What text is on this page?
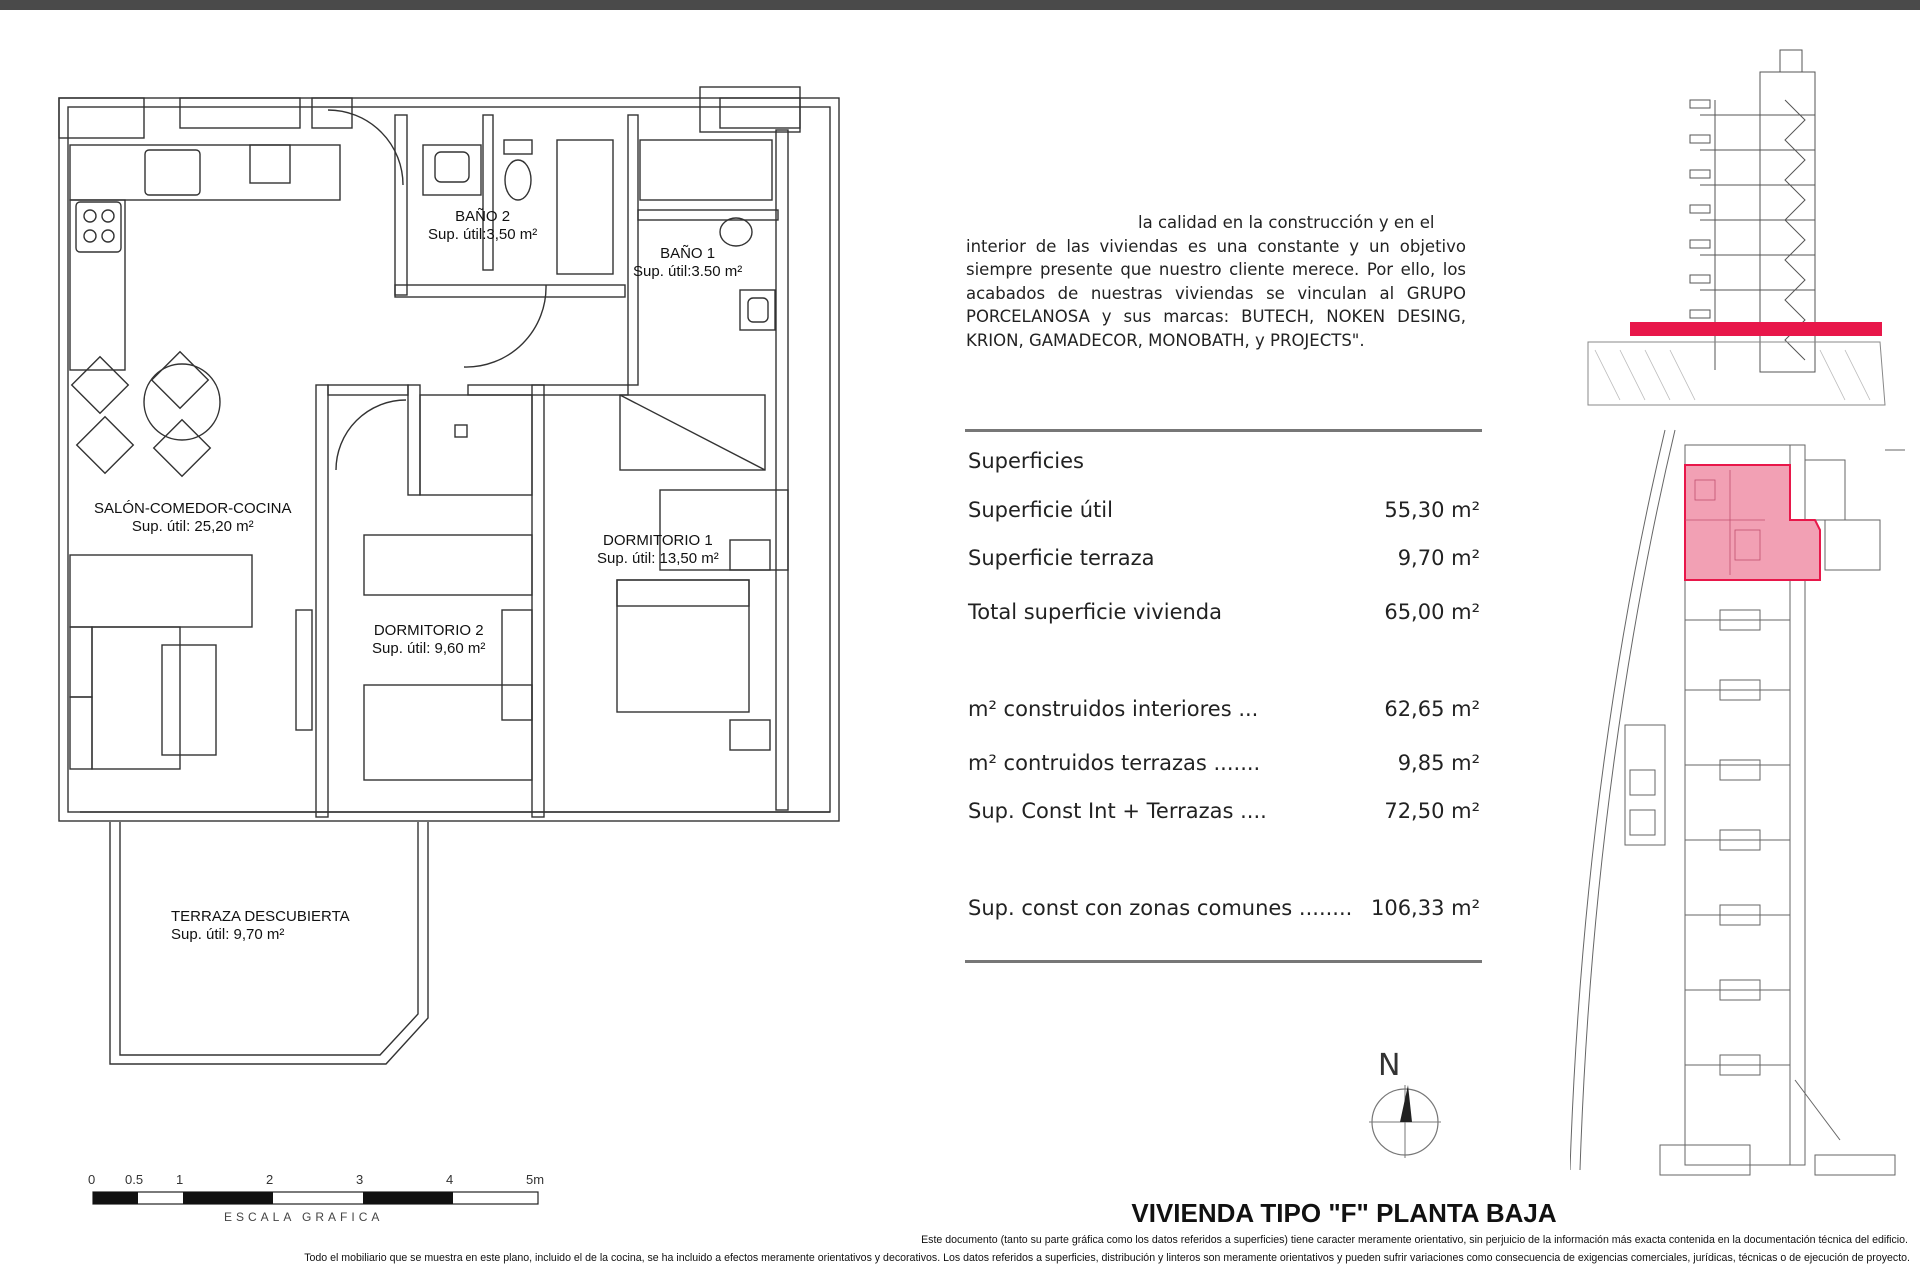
BAÑO 2
Sup. útil:3,50 m²
BAÑO 1
Sup. útil:3.50 m²
SALÓN-COMEDOR-COCINA
Sup. útil: 25,20 m²
DORMITORIO 1
Sup. útil: 13,50 m²
DORMITORIO 2
Sup. útil: 9,60 m²
TERRAZA DESCUBIERTA
Sup. útil: 9,70 m²
la calidad en la construcción y en el
interior de las viviendas es una constante y un objetivo siempre presente que nuestro cliente merece. Por ello, los acabados de nuestras viviendas se vinculan al GRUPO PORCELANOSA y sus marcas: BUTECH, NOKEN DESING, KRION, GAMADECOR, MONOBATH, y PROJECTS".
Superficies
Superficie útil	55,30 m²
Superficie terraza	9,70 m²
Total superficie vivienda	65,00 m²
m² construidos interiores ...	62,65 m²
m² contruidos terrazas .......	9,85 m²
Sup. Const Int + Terrazas ....	72,50 m²
Sup. const con zonas comunes ........ 106,33 m²
N
0 0.5	1	2	3	4	5m
ESCALA GRAFICA	VIVIENDA TIPO "F" PLANTA BAJA
Este documento (tanto su parte gráfica como los datos referidos a superficies) tiene caracter meramente orientativo, sin perjuicio de la información más exacta contenida en la documentación técnica del edificio.
Todo el mobiliario que se muestra en este plano, incluido el de la cocina, se ha incluido a efectos meramente orientativos y decorativos. Los datos referidos a superficies, distribución y linteros son meramente orientativos y pueden sufrir variaciones como consecuencia de exigencias comerciales, jurídicas, técnicas o de ejecución de proyecto.
